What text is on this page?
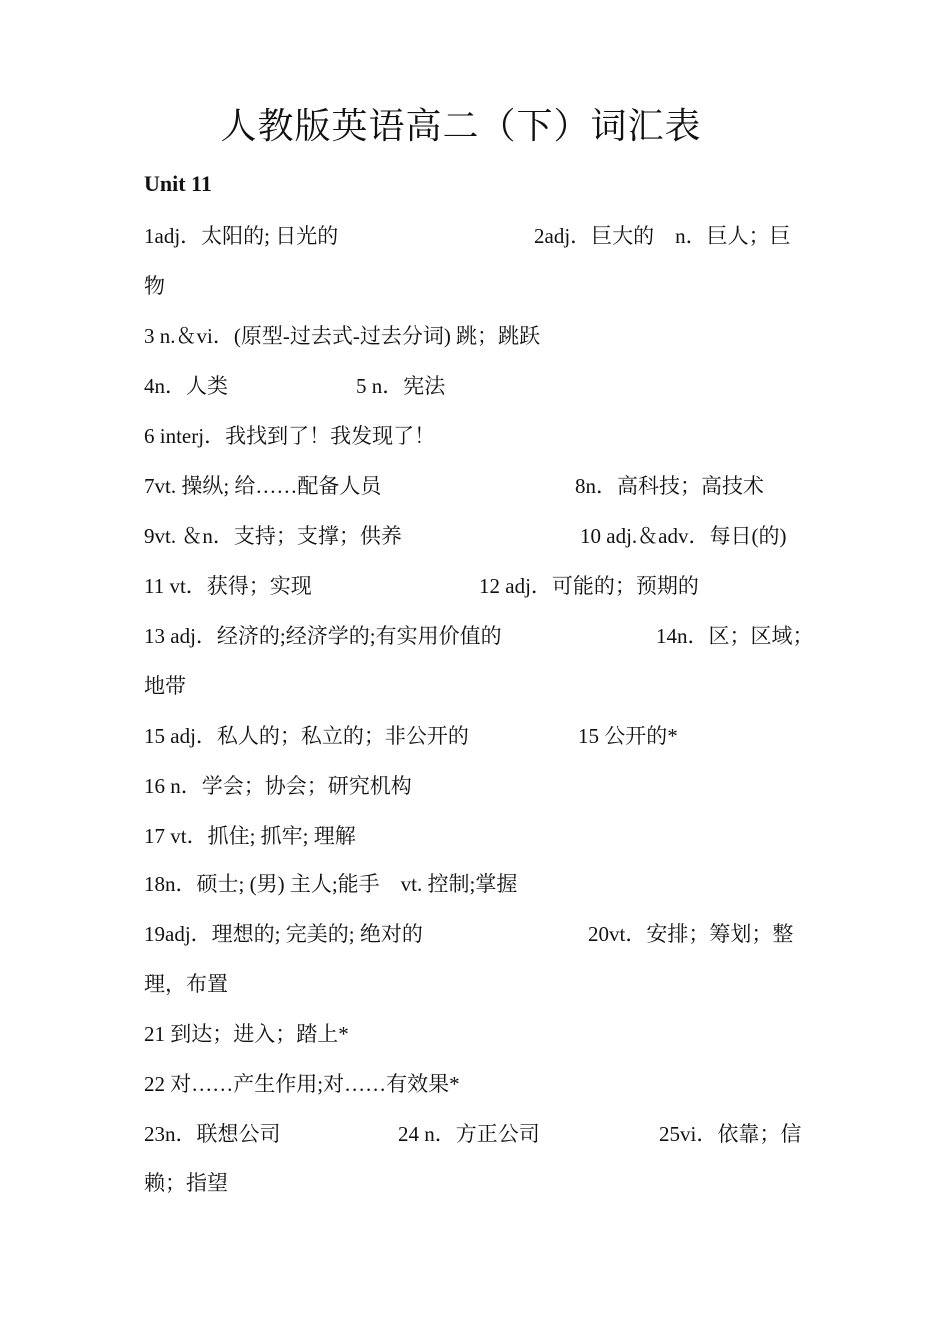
人教版英语高二（下）词汇表
Unit 11
1adj．太阳的; 日光的	2adj．巨大的　n．巨人；巨
物
3 n.＆vi．(原型-过去式-过去分词) 跳；跳跃
4n．人类	5 n．宪法
6 interj．我找到了！我发现了！
7vt. 操纵; 给……配备人员	8n．高科技；高技术
9vt. ＆n．支持；支撑；供养	10 adj.＆adv．每日(的)
11 vt．获得；实现	12 adj．可能的；预期的
13 adj．经济的;经济学的;有实用价值的	14n．区；区域；
地带
15 adj．私人的；私立的；非公开的	15 公开的*
16 n．学会；协会；研究机构
17 vt．抓住; 抓牢; 理解
18n．硕士; (男) 主人;能手　vt. 控制;掌握
19adj．理想的; 完美的; 绝对的	20vt．安排；筹划；整
理，布置
21 到达；进入；踏上*
22 对……产生作用;对……有效果*
23n．联想公司	24 n．方正公司	25vi．依靠；信
赖；指望
